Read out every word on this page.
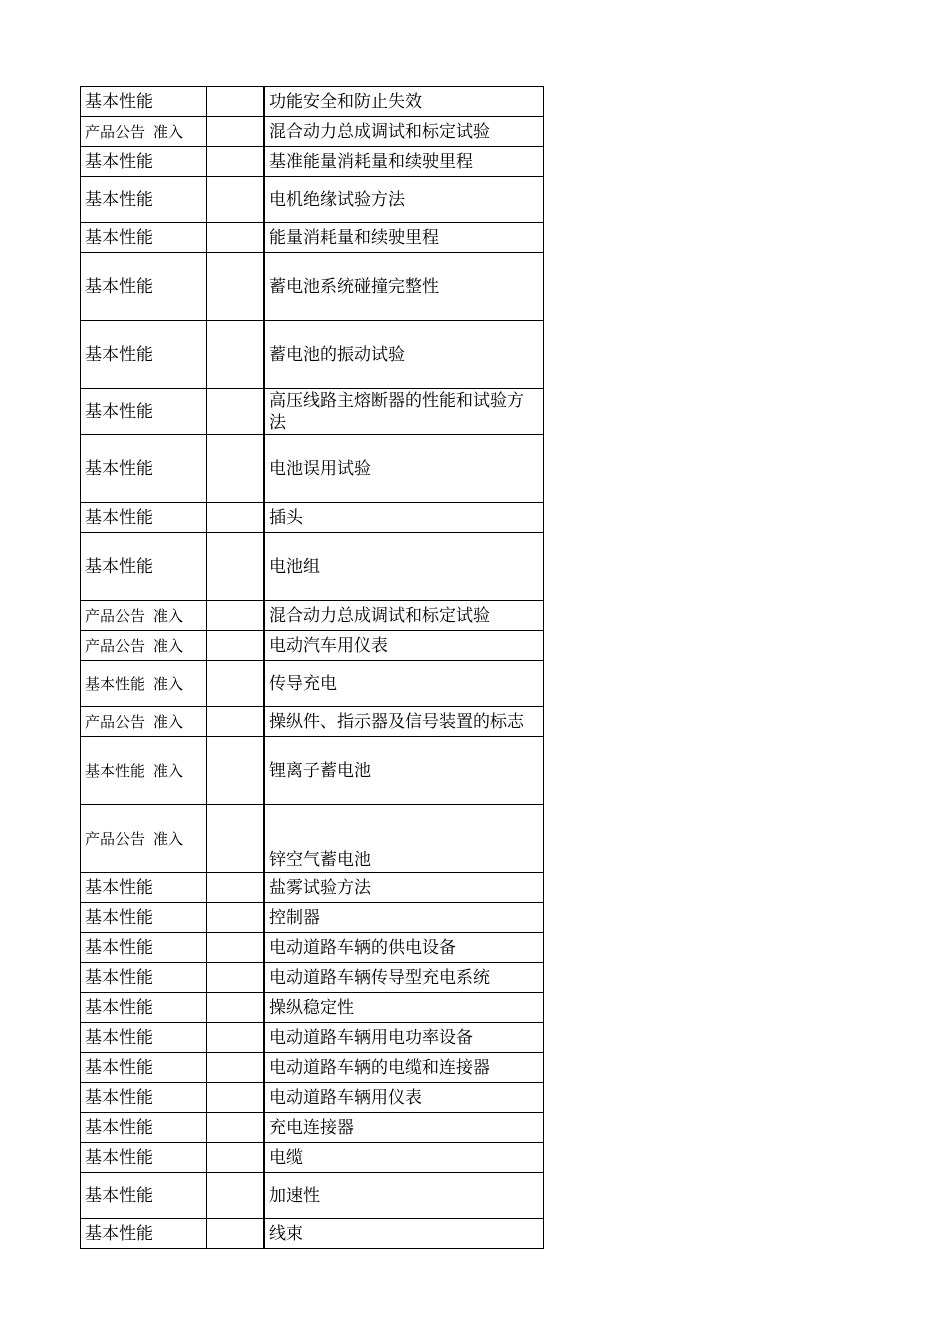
基本性能		功能安全和防止失效
产品公告 准入		混合动力总成调试和标定试验
基本性能		基准能量消耗量和续驶里程
基本性能		电机绝缘试验方法
基本性能		能量消耗量和续驶里程
基本性能		蓄电池系统碰撞完整性
基本性能		蓄电池的振动试验
基本性能		高压线路主熔断器的性能和试验方法
基本性能		电池误用试验
基本性能		插头
基本性能		电池组
产品公告 准入		混合动力总成调试和标定试验
产品公告 准入		电动汽车用仪表
基本性能 准入		传导充电
产品公告 准入		操纵件、指示器及信号装置的标志
基本性能 准入		锂离子蓄电池
产品公告 准入		锌空气蓄电池
基本性能		盐雾试验方法
基本性能		控制器
基本性能		电动道路车辆的供电设备
基本性能		电动道路车辆传导型充电系统
基本性能		操纵稳定性
基本性能		电动道路车辆用电功率设备
基本性能		电动道路车辆的电缆和连接器
基本性能		电动道路车辆用仪表
基本性能		充电连接器
基本性能		电缆
基本性能		加速性
基本性能		线束
